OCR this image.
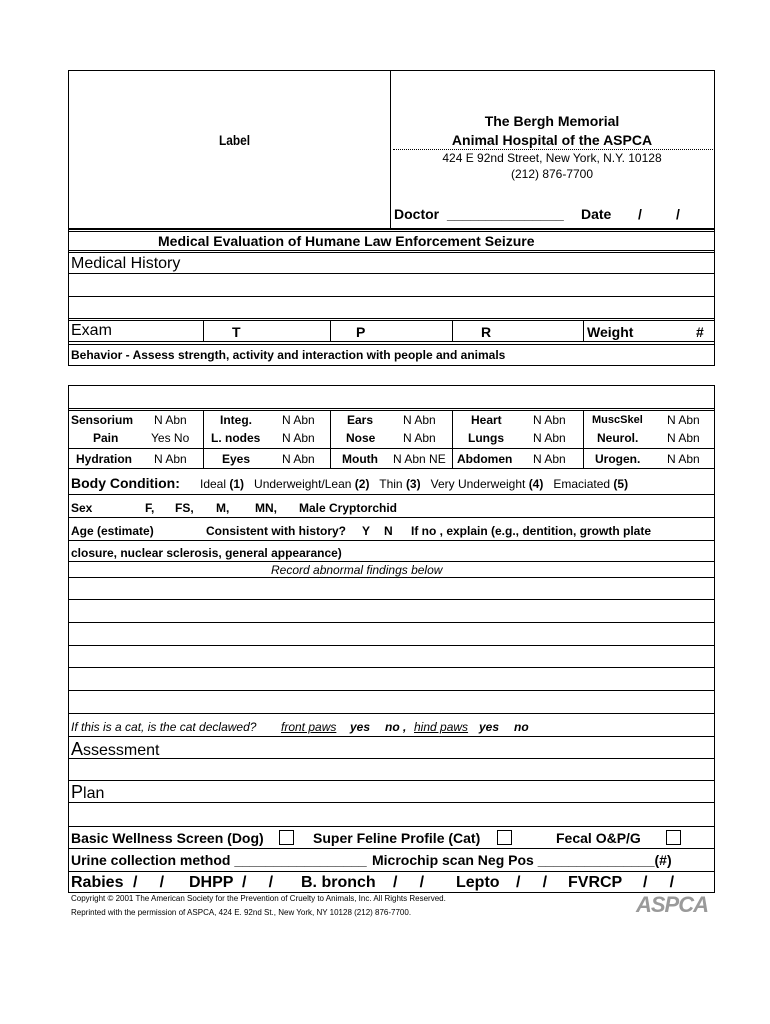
Label
The Bergh Memorial
Animal Hospital of the ASPCA
424 E 92nd Street, New York, N.Y. 10128
(212) 876-7700
Doctor _______________ Date / /
Medical Evaluation of Humane Law Enforcement Seizure
Medical History
Exam	T	P	R	Weight	#
Behavior - Assess strength, activity and interaction with people and animals
Sensorium N Abn	Integ.	N Abn	Ears N Abn	Heart	N Abn MuscSkel N Abn
Pain	Yes No L. nodes N Abn	Nose N Abn	Lungs N Abn	Neurol. N Abn
Hydration N Abn	Eyes	N Abn Mouth N Abn NE Abdomen N Abn Urogen. N Abn
Body Condition: Ideal (1) Underweight/Lean (2) Thin (3) Very Underweight (4) Emaciated (5)
Sex	F, FS, M, MN, Male Cryptorchid
Age (estimate)	Consistent with history? Y N If no , explain (e.g., dentition, growth plate
closure, nuclear sclerosis, general appearance)
Record abnormal findings below
If this is a cat, is the cat declawed? front paws yes no , hind paws yes no
Assessment
Plan
Basic Wellness Screen (Dog)	Super Feline Profile (Cat)	Fecal O&P/G
Urine collection method _________________ Microchip scan Neg Pos _______________(#)
Rabies /     / DHPP /     / B. bronch /     / Lepto /     / FVRCP /     /
Copyright © 2001 The American Society for the Prevention of Cruelty to Animals, Inc. All Rights Reserved.
Reprinted with the permission of ASPCA, 424 E. 92nd St., New York, NY 10128 (212) 876-7700.	ASPCA
